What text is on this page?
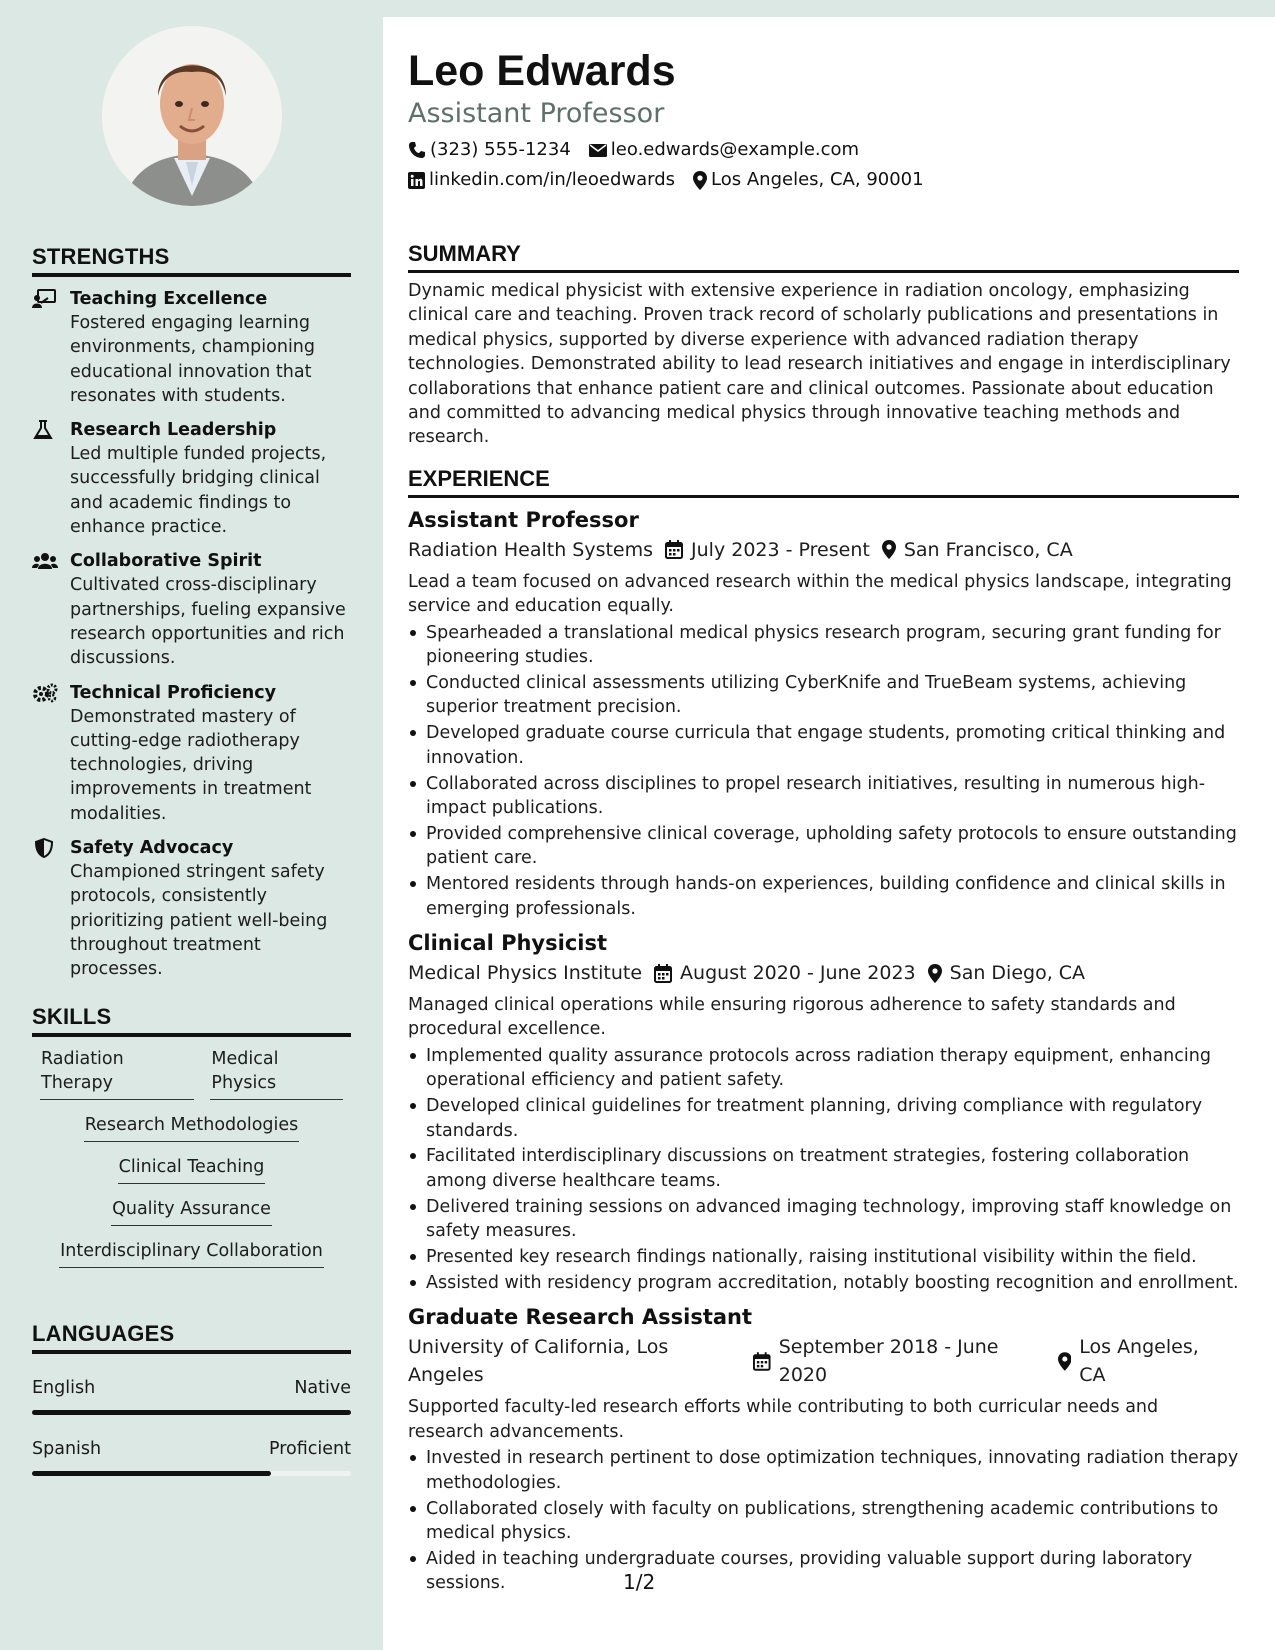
STRENGTHS
Teaching Excellence
Fostered engaging learning environments, championing educational innovation that resonates with students.
Research Leadership
Led multiple funded projects, successfully bridging clinical and academic findings to enhance practice.
Collaborative Spirit
Cultivated cross-disciplinary partnerships, fueling expansive research opportunities and rich discussions.
Technical Proficiency
Demonstrated mastery of cutting-edge radiotherapy technologies, driving improvements in treatment modalities.
Safety Advocacy
Championed stringent safety protocols, consistently prioritizing patient well-being throughout treatment processes.
SKILLS
Radiation Therapy
Medical Physics
Research Methodologies
Clinical Teaching
Quality Assurance
Interdisciplinary Collaboration
LANGUAGES
English	Native
Spanish	Proficient
Leo Edwards
Assistant Professor
(323) 555-1234 leo.edwards@example.com
linkedin.com/in/leoedwards Los Angeles, CA, 90001
SUMMARY
Dynamic medical physicist with extensive experience in radiation oncology, emphasizing clinical care and teaching. Proven track record of scholarly publications and presentations in medical physics, supported by diverse experience with advanced radiation therapy technologies. Demonstrated ability to lead research initiatives and engage in interdisciplinary collaborations that enhance patient care and clinical outcomes. Passionate about education and committed to advancing medical physics through innovative teaching methods and research.
EXPERIENCE
Assistant Professor
Radiation Health Systems July 2023 - Present San Francisco, CA
Lead a team focused on advanced research within the medical physics landscape, integrating service and education equally.
Spearheaded a translational medical physics research program, securing grant funding for pioneering studies.
Conducted clinical assessments utilizing CyberKnife and TrueBeam systems, achieving superior treatment precision.
Developed graduate course curricula that engage students, promoting critical thinking and innovation.
Collaborated across disciplines to propel research initiatives, resulting in numerous high-impact publications.
Provided comprehensive clinical coverage, upholding safety protocols to ensure outstanding patient care.
Mentored residents through hands-on experiences, building confidence and clinical skills in emerging professionals.
Clinical Physicist
Medical Physics Institute August 2020 - June 2023 San Diego, CA
Managed clinical operations while ensuring rigorous adherence to safety standards and procedural excellence.
Implemented quality assurance protocols across radiation therapy equipment, enhancing operational efficiency and patient safety.
Developed clinical guidelines for treatment planning, driving compliance with regulatory standards.
Facilitated interdisciplinary discussions on treatment strategies, fostering collaboration among diverse healthcare teams.
Delivered training sessions on advanced imaging technology, improving staff knowledge on safety measures.
Presented key research findings nationally, raising institutional visibility within the field.
Assisted with residency program accreditation, notably boosting recognition and enrollment.
Graduate Research Assistant
University of California, Los Angeles
September 2018 - June 2020
Los Angeles, CA
Supported faculty-led research efforts while contributing to both curricular needs and research advancements.
Invested in research pertinent to dose optimization techniques, innovating radiation therapy methodologies.
Collaborated closely with faculty on publications, strengthening academic contributions to medical physics.
Aided in teaching undergraduate courses, providing valuable support during laboratory sessions.	1/2
